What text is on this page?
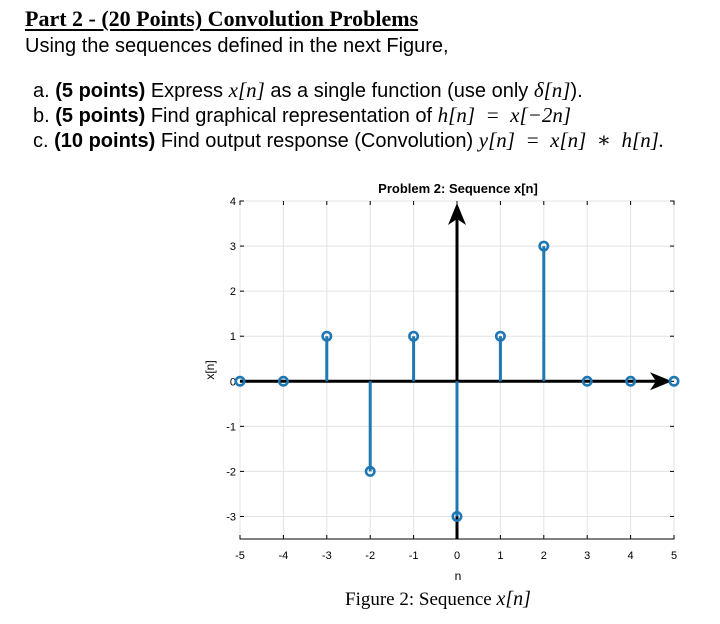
Part 2 - (20 Points) Convolution Problems
Using the sequences defined in the next Figure,
a. (5 points) Express x[n] as a single function (use only δ[n]).
b. (5 points) Find graphical representation of h[n]  =  x[−2n]
c. (10 points) Find output response (Convolution) y[n]  =  x[n]  ∗  h[n].
Problem 2: Sequence x[n]
-5	-4	-3	-2	-1	0	1	2	3	4	5
4
3
2
1
0
-1
-2
-3
n
x[n]
Figure 2: Sequence x[n]
